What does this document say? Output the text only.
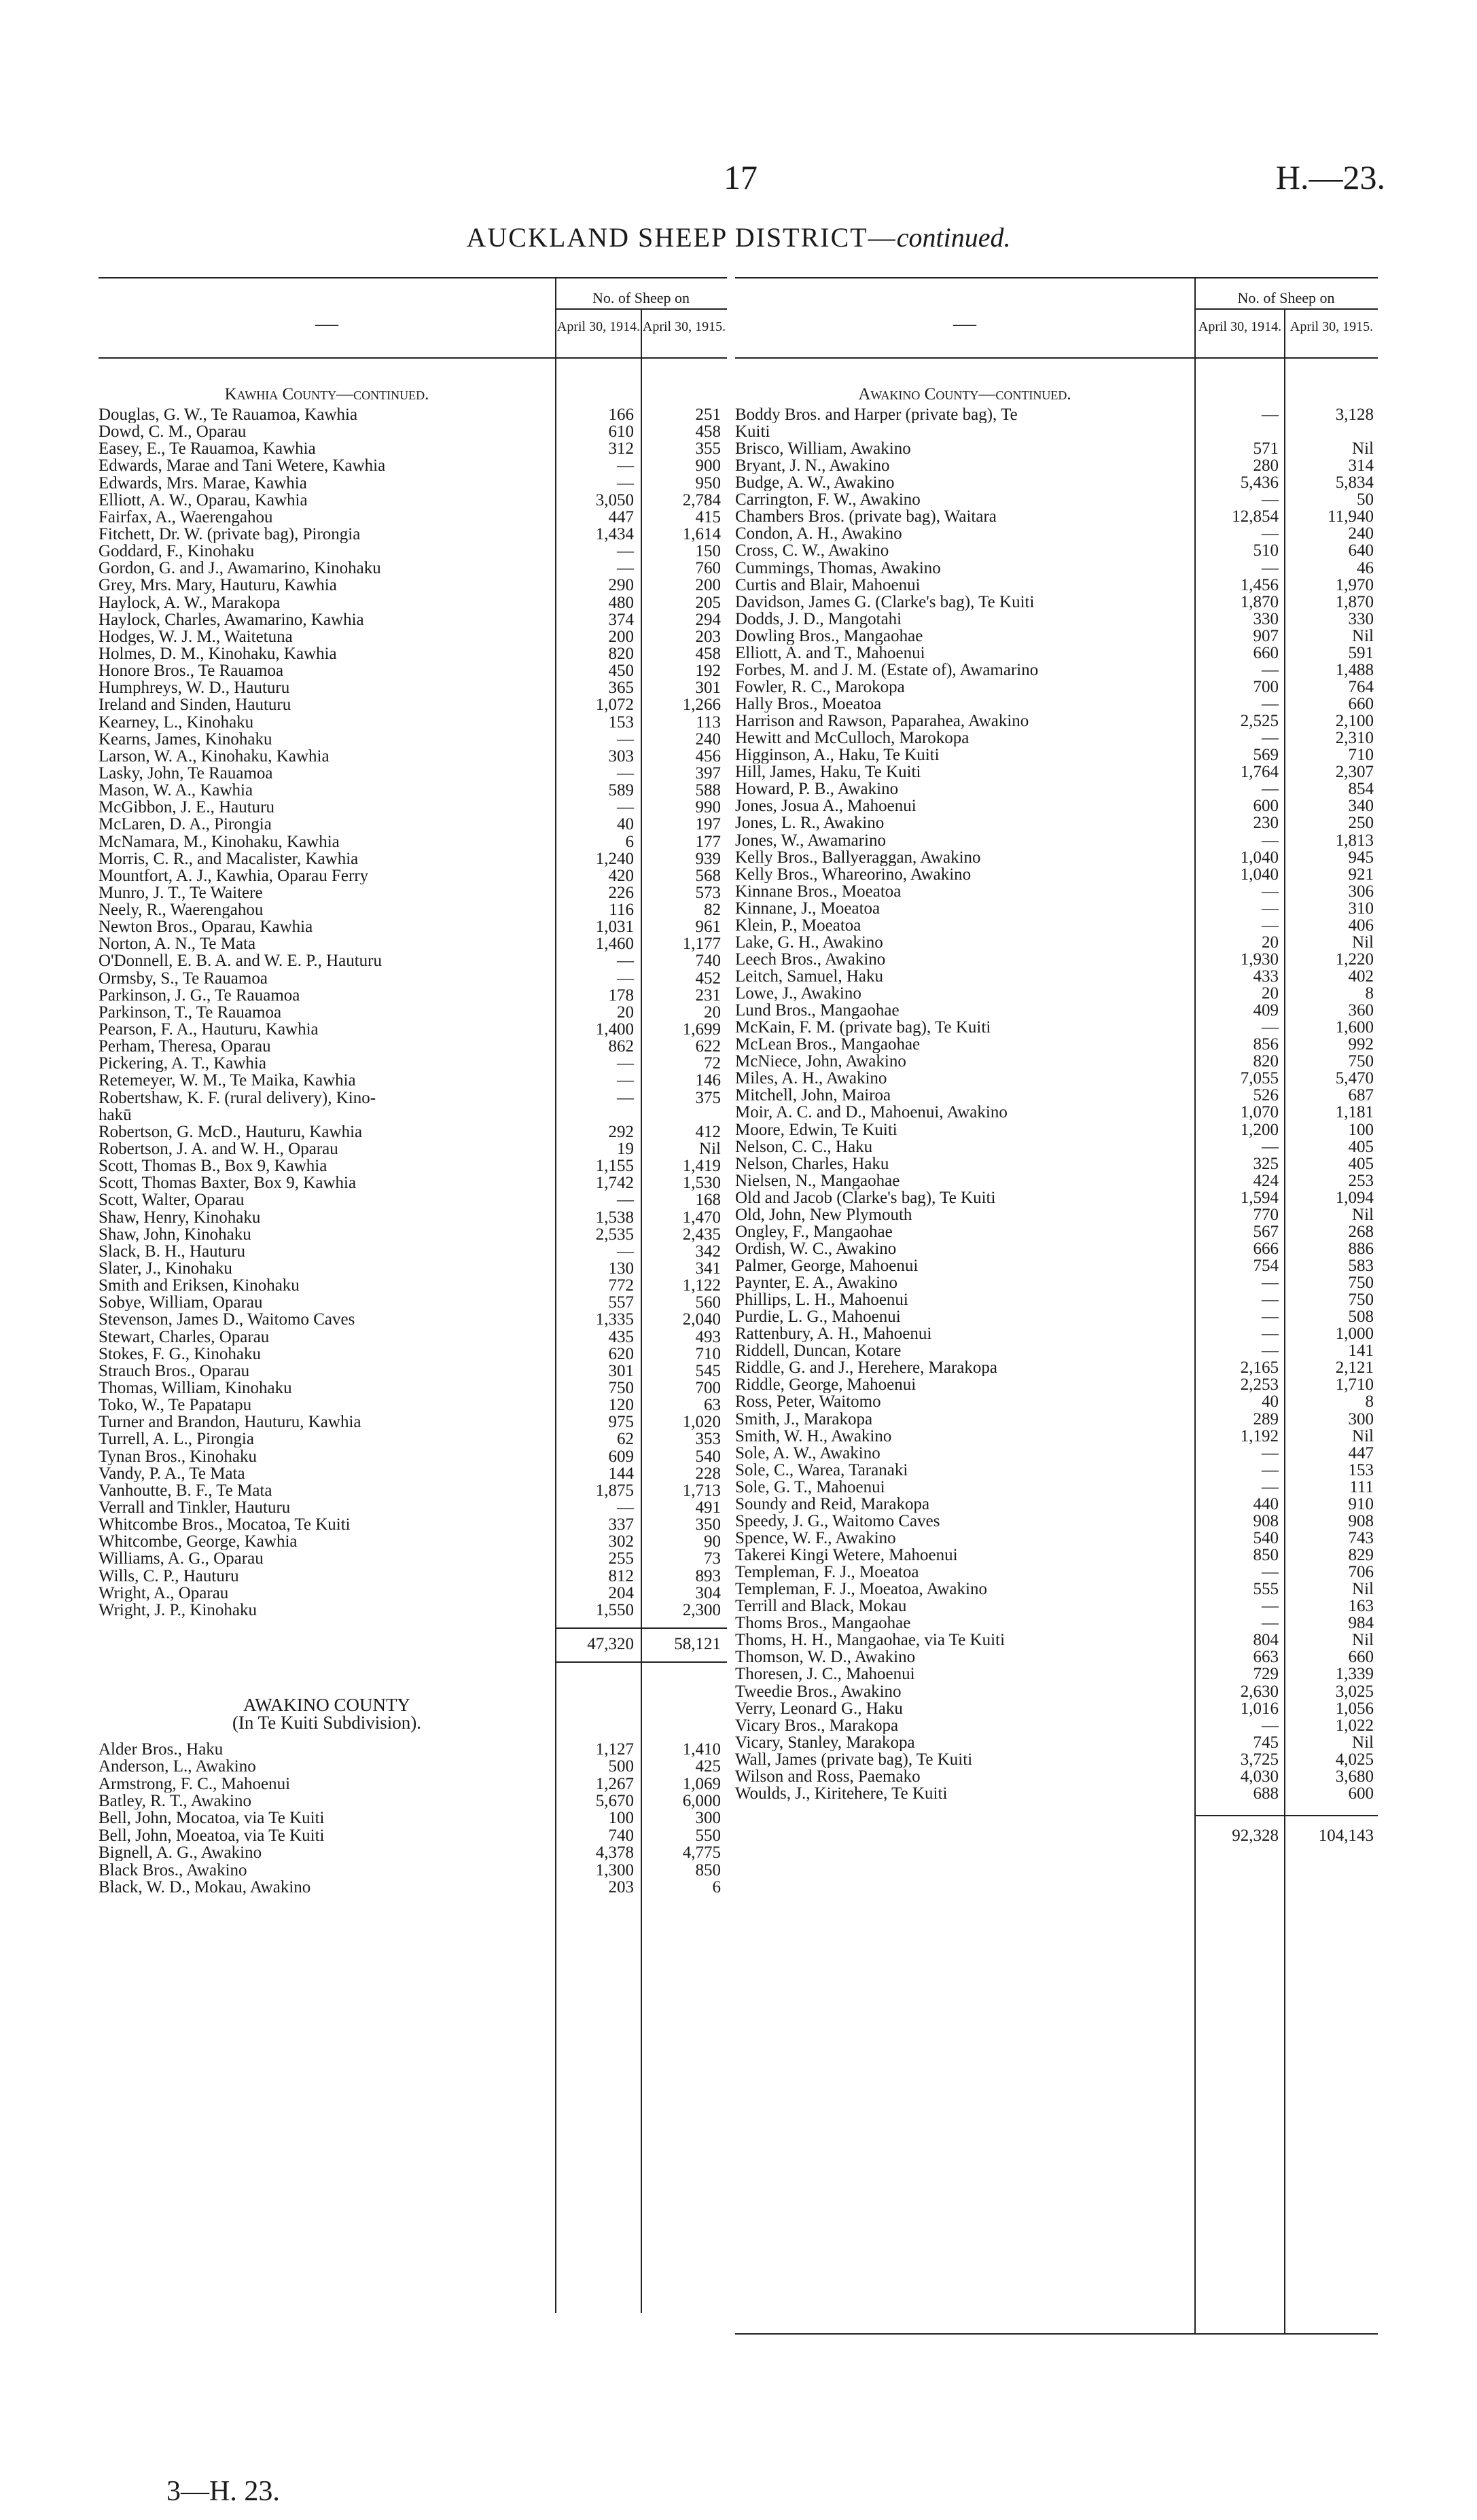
17	H.—23.
AUCKLAND SHEEP DISTRICT—continued.
—
No. of Sheep on
April 30, 1914. April 30, 1915.
Kawhia County—continued.
Douglas, G. W., Te Rauamoa, Kawhia	166	251
Dowd, C. M., Oparau	610	458
Easey, E., Te Rauamoa, Kawhia	312	355
Edwards, Marae and Tani Wetere, Kawhia	—	900
Edwards, Mrs. Marae, Kawhia	—	950
Elliott, A. W., Oparau, Kawhia	3,050	2,784
Fairfax, A., Waerengahou	447	415
Fitchett, Dr. W. (private bag), Pirongia	1,434	1,614
Goddard, F., Kinohaku	—	150
Gordon, G. and J., Awamarino, Kinohaku	—	760
Grey, Mrs. Mary, Hauturu, Kawhia	290	200
Haylock, A. W., Marakopa	480	205
Haylock, Charles, Awamarino, Kawhia	374	294
Hodges, W. J. M., Waitetuna	200	203
Holmes, D. M., Kinohaku, Kawhia	820	458
Honore Bros., Te Rauamoa	450	192
Humphreys, W. D., Hauturu	365	301
Ireland and Sinden, Hauturu	1,072	1,266
Kearney, L., Kinohaku	153	113
Kearns, James, Kinohaku	—	240
Larson, W. A., Kinohaku, Kawhia	303	456
Lasky, John, Te Rauamoa	—	397
Mason, W. A., Kawhia	589	588
McGibbon, J. E., Hauturu	—	990
McLaren, D. A., Pirongia	40	197
McNamara, M., Kinohaku, Kawhia	6	177
Morris, C. R., and Macalister, Kawhia	1,240	939
Mountfort, A. J., Kawhia, Oparau Ferry	420	568
Munro, J. T., Te Waitere	226	573
Neely, R., Waerengahou	116	82
Newton Bros., Oparau, Kawhia	1,031	961
Norton, A. N., Te Mata	1,460	1,177
O'Donnell, E. B. A. and W. E. P., Hauturu	—	740
Ormsby, S., Te Rauamoa	—	452
Parkinson, J. G., Te Rauamoa	178	231
Parkinson, T., Te Rauamoa	20	20
Pearson, F. A., Hauturu, Kawhia	1,400	1,699
Perham, Theresa, Oparau	862	622
Pickering, A. T., Kawhia	—	72
Retemeyer, W. M., Te Maika, Kawhia	—	146
Robertshaw, K. F. (rural delivery), Kino-	—	375
hakū
Robertson, G. McD., Hauturu, Kawhia	292	412
Robertson, J. A. and W. H., Oparau	19	Nil
Scott, Thomas B., Box 9, Kawhia	1,155	1,419
Scott, Thomas Baxter, Box 9, Kawhia	1,742	1,530
Scott, Walter, Oparau	—	168
Shaw, Henry, Kinohaku	1,538	1,470
Shaw, John, Kinohaku	2,535	2,435
Slack, B. H., Hauturu	—	342
Slater, J., Kinohaku	130	341
Smith and Eriksen, Kinohaku	772	1,122
Sobye, William, Oparau	557	560
Stevenson, James D., Waitomo Caves	1,335	2,040
Stewart, Charles, Oparau	435	493
Stokes, F. G., Kinohaku	620	710
Strauch Bros., Oparau	301	545
Thomas, William, Kinohaku	750	700
Toko, W., Te Papatapu	120	63
Turner and Brandon, Hauturu, Kawhia	975	1,020
Turrell, A. L., Pirongia	62	353
Tynan Bros., Kinohaku	609	540
Vandy, P. A., Te Mata	144	228
Vanhoutte, B. F., Te Mata	1,875	1,713
Verrall and Tinkler, Hauturu	—	491
Whitcombe Bros., Mocatoa, Te Kuiti	337	350
Whitcombe, George, Kawhia	302	90
Williams, A. G., Oparau	255	73
Wills, C. P., Hauturu	812	893
Wright, A., Oparau	204	304
Wright, J. P., Kinohaku	1,550	2,300
47,320	58,121
AWAKINO COUNTY
(In Te Kuiti Subdivision).
Alder Bros., Haku	1,127	1,410
Anderson, L., Awakino	500	425
Armstrong, F. C., Mahoenui	1,267	1,069
Batley, R. T., Awakino	5,670	6,000
Bell, John, Mocatoa, via Te Kuiti	100	300
Bell, John, Moeatoa, via Te Kuiti	740	550
Bignell, A. G., Awakino	4,378	4,775
Black Bros., Awakino	1,300	850
Black, W. D., Mokau, Awakino	203	6
—
No. of Sheep on
April 30, 1914. April 30, 1915.
Awakino County—continued.
Boddy Bros. and Harper (private bag), Te	—	3,128
Kuiti
Brisco, William, Awakino	571	Nil
Bryant, J. N., Awakino	280	314
Budge, A. W., Awakino	5,436	5,834
Carrington, F. W., Awakino	—	50
Chambers Bros. (private bag), Waitara	12,854	11,940
Condon, A. H., Awakino	—	240
Cross, C. W., Awakino	510	640
Cummings, Thomas, Awakino	—	46
Curtis and Blair, Mahoenui	1,456	1,970
Davidson, James G. (Clarke's bag), Te Kuiti	1,870	1,870
Dodds, J. D., Mangotahi	330	330
Dowling Bros., Mangaohae	907	Nil
Elliott, A. and T., Mahoenui	660	591
Forbes, M. and J. M. (Estate of), Awamarino	—	1,488
Fowler, R. C., Marokopa	700	764
Hally Bros., Moeatoa	—	660
Harrison and Rawson, Paparahea, Awakino	2,525	2,100
Hewitt and McCulloch, Marokopa	—	2,310
Higginson, A., Haku, Te Kuiti	569	710
Hill, James, Haku, Te Kuiti	1,764	2,307
Howard, P. B., Awakino	—	854
Jones, Josua A., Mahoenui	600	340
Jones, L. R., Awakino	230	250
Jones, W., Awamarino	—	1,813
Kelly Bros., Ballyeraggan, Awakino	1,040	945
Kelly Bros., Whareorino, Awakino	1,040	921
Kinnane Bros., Moeatoa	—	306
Kinnane, J., Moeatoa	—	310
Klein, P., Moeatoa	—	406
Lake, G. H., Awakino	20	Nil
Leech Bros., Awakino	1,930	1,220
Leitch, Samuel, Haku	433	402
Lowe, J., Awakino	20	8
Lund Bros., Mangaohae	409	360
McKain, F. M. (private bag), Te Kuiti	—	1,600
McLean Bros., Mangaohae	856	992
McNiece, John, Awakino	820	750
Miles, A. H., Awakino	7,055	5,470
Mitchell, John, Mairoa	526	687
Moir, A. C. and D., Mahoenui, Awakino	1,070	1,181
Moore, Edwin, Te Kuiti	1,200	100
Nelson, C. C., Haku	—	405
Nelson, Charles, Haku	325	405
Nielsen, N., Mangaohae	424	253
Old and Jacob (Clarke's bag), Te Kuiti	1,594	1,094
Old, John, New Plymouth	770	Nil
Ongley, F., Mangaohae	567	268
Ordish, W. C., Awakino	666	886
Palmer, George, Mahoenui	754	583
Paynter, E. A., Awakino	—	750
Phillips, L. H., Mahoenui	—	750
Purdie, L. G., Mahoenui	—	508
Rattenbury, A. H., Mahoenui	—	1,000
Riddell, Duncan, Kotare	—	141
Riddle, G. and J., Herehere, Marakopa	2,165	2,121
Riddle, George, Mahoenui	2,253	1,710
Ross, Peter, Waitomo	40	8
Smith, J., Marakopa	289	300
Smith, W. H., Awakino	1,192	Nil
Sole, A. W., Awakino	—	447
Sole, C., Warea, Taranaki	—	153
Sole, G. T., Mahoenui	—	111
Soundy and Reid, Marakopa	440	910
Speedy, J. G., Waitomo Caves	908	908
Spence, W. F., Awakino	540	743
Takerei Kingi Wetere, Mahoenui	850	829
Templeman, F. J., Moeatoa	—	706
Templeman, F. J., Moeatoa, Awakino	555	Nil
Terrill and Black, Mokau	—	163
Thoms Bros., Mangaohae	—	984
Thoms, H. H., Mangaohae, via Te Kuiti	804	Nil
Thomson, W. D., Awakino	663	660
Thoresen, J. C., Mahoenui	729	1,339
Tweedie Bros., Awakino	2,630	3,025
Verry, Leonard G., Haku	1,016	1,056
Vicary Bros., Marakopa	—	1,022
Vicary, Stanley, Marakopa	745	Nil
Wall, James (private bag), Te Kuiti	3,725	4,025
Wilson and Ross, Paemako	4,030	3,680
Woulds, J., Kiritehere, Te Kuiti	688	600
92,328	104,143
3—H. 23.
